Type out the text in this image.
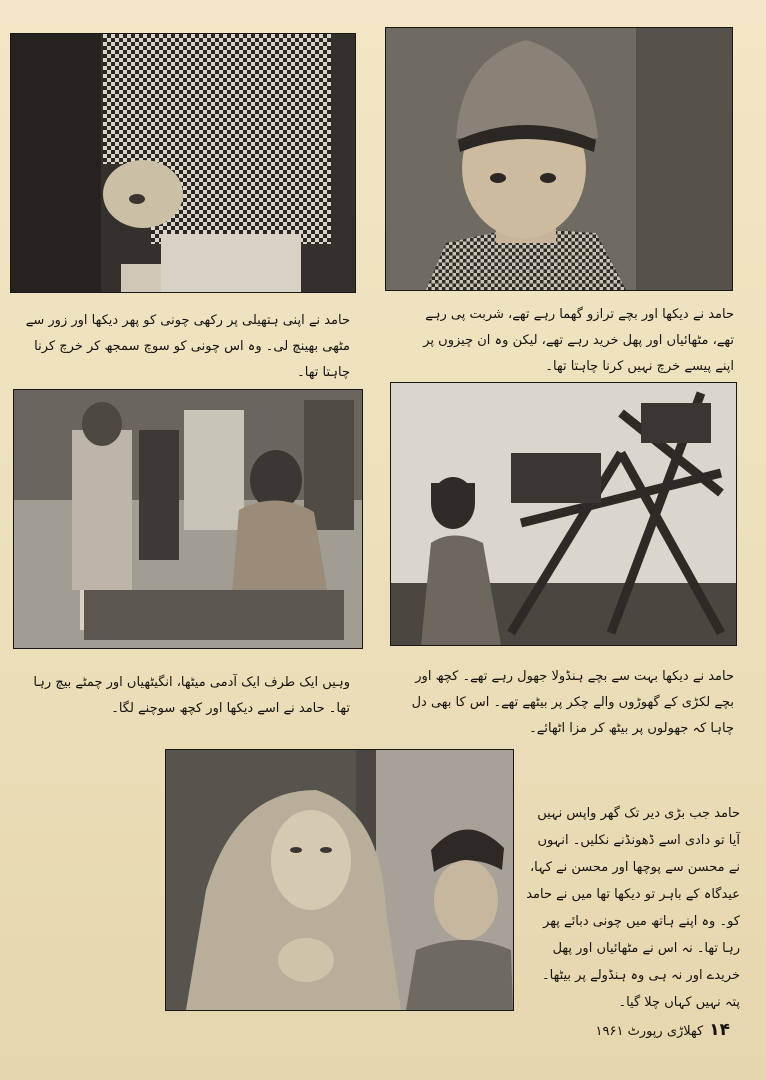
حامد نے دیکھا اور بچے ترازو گھما رہے تھے، شربت پی رہے تھے، مٹھائیاں اور پھل خرید رہے تھے، لیکن وہ ان چیزوں پر اپنے پیسے خرچ نہیں کرنا چاہتا تھا۔
حامد نے اپنی ہتھیلی پر رکھی چونی کو پھر دیکھا اور زور سے مٹھی بھینچ لی۔ وہ اس چونی کو سوچ سمجھ کر خرچ کرنا چاہتا تھا۔
حامد نے دیکھا بہت سے بچے ہنڈولا جھول رہے تھے۔ کچھ اور بچے لکڑی کے گھوڑوں والے چکر پر بیٹھے تھے۔ اس کا بھی دل چاہا کہ جھولوں پر بیٹھ کر مزا اٹھائے۔
وہیں ایک طرف ایک آدمی میٹھا، انگیٹھیاں اور چمٹے بیچ رہا تھا۔ حامد نے اسے دیکھا اور کچھ سوچنے لگا۔
حامد جب بڑی دیر تک گھر واپس نہیں آیا تو دادی اسے ڈھونڈنے نکلیں۔ انہوں نے محسن سے پوچھا اور محسن نے کہا، عیدگاہ کے باہر تو دیکھا تھا میں نے حامد کو۔ وہ اپنے ہاتھ میں چونی دبائے پھر رہا تھا۔ نہ اس نے مٹھائیاں اور پھل خریدے اور نہ ہی وہ ہنڈولے پر بیٹھا۔ پتہ نہیں کہاں چلا گیا۔
۱۴
کھلاڑی رپورٹ ۱۹۶۱
